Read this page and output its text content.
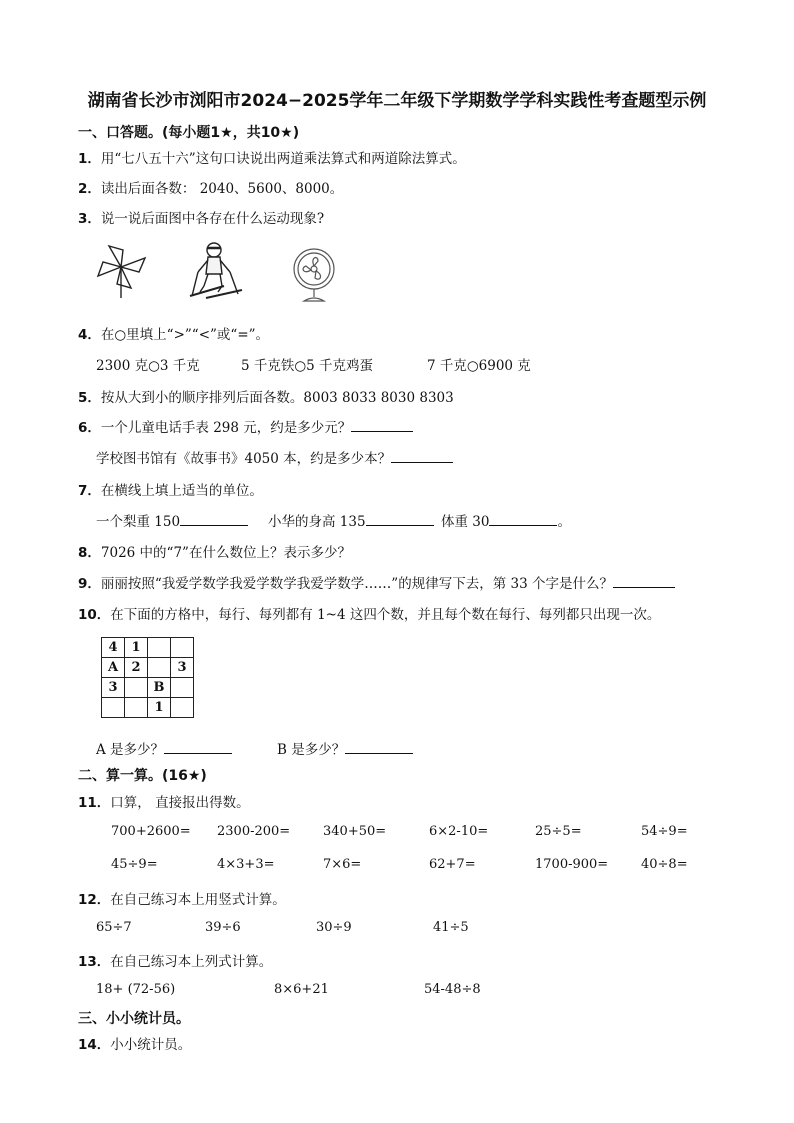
湖南省长沙市浏阳市2024−2025学年二年级下学期数学学科实践性考查题型示例
一、口答题。(每小题1★，共10★)
1．用“七八五十六”这句口诀说出两道乘法算式和两道除法算式。
2．读出后面各数： 2040、5600、8000。
3．说一说后面图中各存在什么运动现象?
4．在○里填上“>”“<”或“=”。
2300 克○3 千克	5 千克铁○5 千克鸡蛋	7 千克○6900 克
5．按从大到小的顺序排列后面各数。8003 8033 8030 8303
6．一个儿童电话手表 298 元，约是多少元？
学校图书馆有《故事书》4050 本，约是多少本？
7．在横线上填上适当的单位。
一个梨重 150	小华的身高 135	体重 30	。
8．7026 中的“7”在什么数位上？表示多少？
9．丽丽按照“我爱学数学我爱学数学我爱学数学……”的规律写下去，第 33 个字是什么？
10．在下面的方格中，每行、每列都有 1~4 这四个数，并且每个数在每行、每列都只出现一次。
4	1		
A	2		3
3		B	
		1	
A 是多少？	B 是多少？
二、算一算。(16★)
11．口算， 直接报出得数。
700+2600= 2300-200=	340+50=	6×2-10=	25÷5=	54÷9=
45÷9=	4×3+3=	7×6=	62+7=	1700-900=	40÷8=
12．在自己练习本上用竖式计算。
65÷7	39÷6	30÷9	41÷5
13．在自己练习本上列式计算。
18+ (72-56)	8×6+21	54-48÷8
三、小小统计员。
14．小小统计员。
